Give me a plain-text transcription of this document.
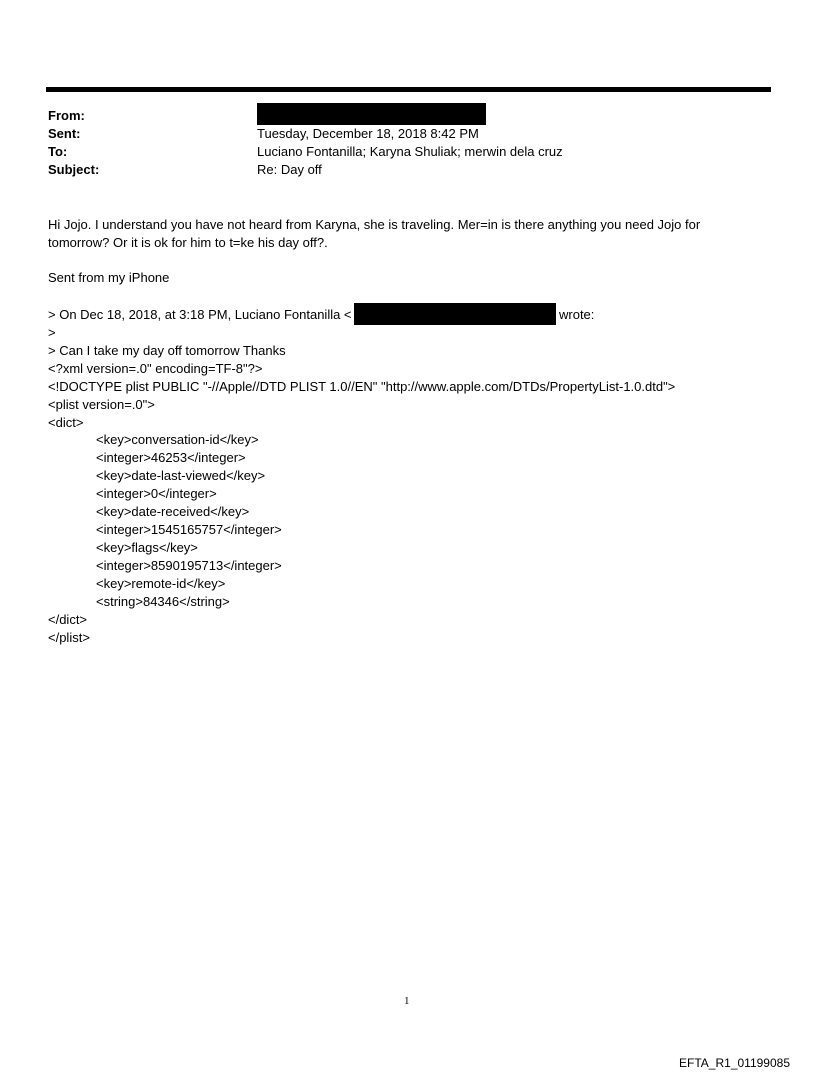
From:
Sent:	Tuesday, December 18, 2018 8:42 PM
To:	Luciano Fontanilla; Karyna Shuliak; merwin dela cruz
Subject:	Re: Day off
Hi Jojo. I understand you have not heard from Karyna, she is traveling. Mer=in is there anything you need Jojo for
tomorrow? Or it is ok for him to t=ke his day off?.
Sent from my iPhone
> On Dec 18, 2018, at 3:18 PM, Luciano Fontanilla <	wrote:
>
> Can I take my day off tomorrow Thanks
<?xml version=.0" encoding=TF-8"?>
<!DOCTYPE plist PUBLIC "-//Apple//DTD PLIST 1.0//EN" "http://www.apple.com/DTDs/PropertyList-1.0.dtd">
<plist version=.0">
<dict>
<key>conversation-id</key>
<integer>46253</integer>
<key>date-last-viewed</key>
<integer>0</integer>
<key>date-received</key>
<integer>1545165757</integer>
<key>flags</key>
<integer>8590195713</integer>
<key>remote-id</key>
<string>84346</string>
</dict>
</plist>
1
EFTA_R1_01199085
